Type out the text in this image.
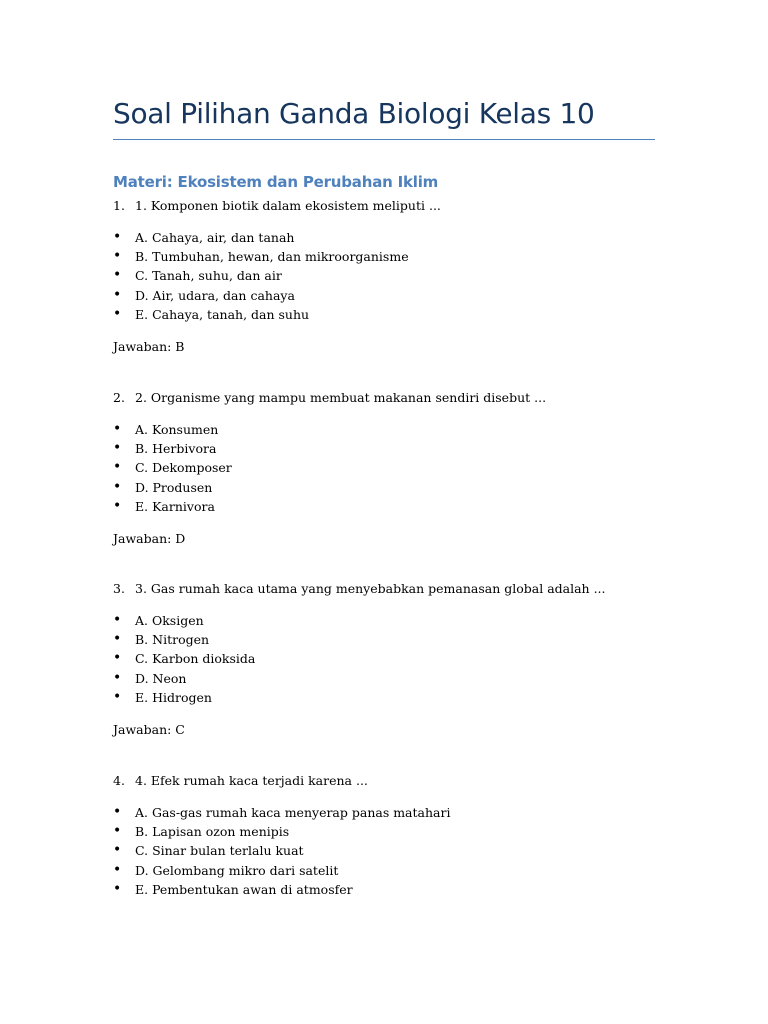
Soal Pilihan Ganda Biologi Kelas 10
Materi: Ekosistem dan Perubahan Iklim
1. 1. Komponen biotik dalam ekosistem meliputi ...
• A. Cahaya, air, dan tanah
• B. Tumbuhan, hewan, dan mikroorganisme
• C. Tanah, suhu, dan air
• D. Air, udara, dan cahaya
• E. Cahaya, tanah, dan suhu
Jawaban: B
2. 2. Organisme yang mampu membuat makanan sendiri disebut ...
• A. Konsumen
• B. Herbivora
• C. Dekomposer
• D. Produsen
• E. Karnivora
Jawaban: D
3. 3. Gas rumah kaca utama yang menyebabkan pemanasan global adalah ...
• A. Oksigen
• B. Nitrogen
• C. Karbon dioksida
• D. Neon
• E. Hidrogen
Jawaban: C
4. 4. Efek rumah kaca terjadi karena ...
• A. Gas-gas rumah kaca menyerap panas matahari
• B. Lapisan ozon menipis
• C. Sinar bulan terlalu kuat
• D. Gelombang mikro dari satelit
• E. Pembentukan awan di atmosfer
